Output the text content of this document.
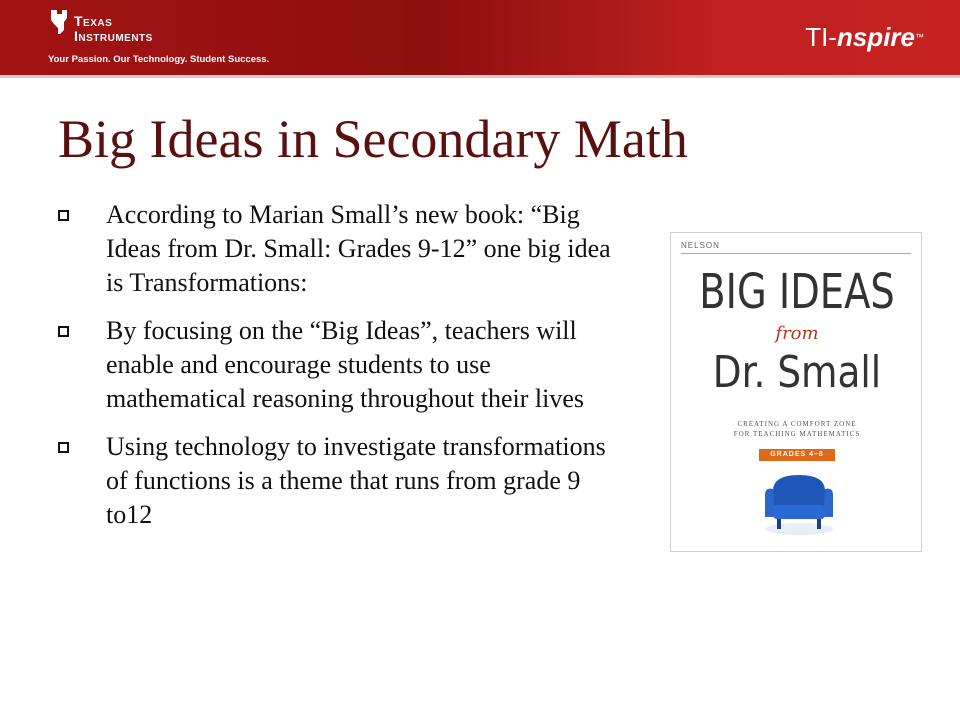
Texas
Instruments
Your Passion. Our Technology. Student Success.
TI-nspire™
Big Ideas in Secondary Math
According to Marian Small’s new book: “Big Ideas from Dr. Small: Grades 9-12” one big idea is Transformations:
By focusing on the “Big Ideas”, teachers will enable and encourage students to use mathematical reasoning throughout their lives
Using technology to investigate transformations of functions is a theme that runs from grade 9 to12
NELSON
BIG IDEAS
from
Dr. Small
CREATING A COMFORT ZONE
FOR TEACHING MATHEMATICS
GRADES 4–8
